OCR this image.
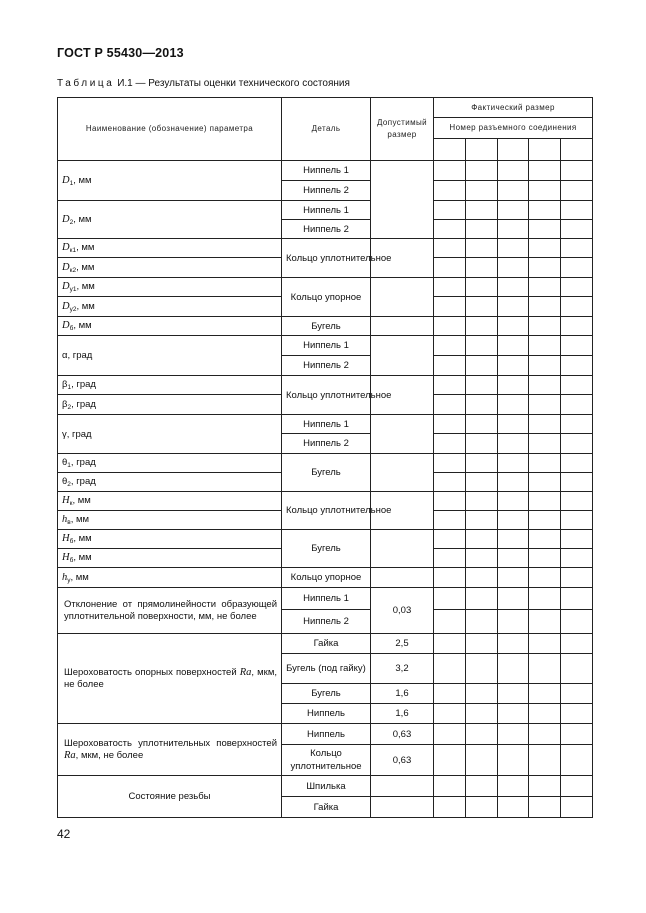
ГОСТ Р 55430—2013
Таблица И.1 — Результаты оценки технического состояния
Наименование (обозначение) параметра	Деталь	Допустимый размер	Фактический размер				
			Номер разъемного соединения				

$D_1$, мм	Ниппель 1						
	Ниппель 2						
$D_2$, мм	Ниппель 1						
	Ниппель 2						
$D_{к1}$, мм	Кольцо уплотнительное						
$D_{к2}$, мм							
$D_{у1}$, мм	Кольцо упорное						
$D_{у2}$, мм							
$D_б$, мм	Бугель						
α, град	Ниппель 1						
	Ниппель 2						
$\beta_1$, град	Кольцо уплотнительное						
$\beta_2$, град							
γ, град	Ниппель 1						
	Ниппель 2						
$\theta_1$, град	Бугель						
$\theta_2$, град							
$H_к$, мм	Кольцо уплотнительное						
$h_в$, мм							
$H_б$, мм	Бугель						
$H_б$, мм							
$h_у$, мм	Кольцо упорное						
Отклонение от прямолинейности образующей уплотнительной поверхности, мм, не более	Ниппель 1	0,03					
	Ниппель 2						
Шероховатость опорных поверхностей Ra, мкм, не более	Гайка	2,5					
	Бугель (под гайку)	3,2					
	Бугель	1,6					
	Ниппель	1,6					
Шероховатость уплотнительных поверхностей Ra, мкм, не более	Ниппель	0,63					
	Кольцо уплотнительное	0,63					
Состояние резьбы	Шпилька						
	Гайка						
42
